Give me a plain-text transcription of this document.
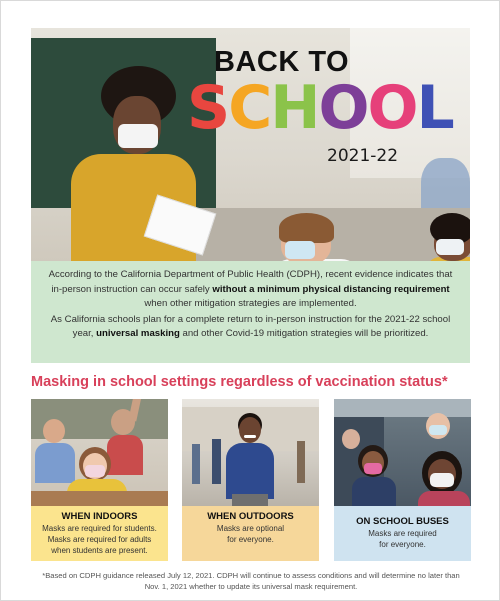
BACK TO
SCHOOL
2021-22

According to the California Department of Public Health (CDPH), recent evidence indicates that in-person instruction can occur safely without a minimum physical distancing requirement when other mitigation strategies are implemented.

As California schools plan for a complete return to in-person instruction for the 2021-22 school year, universal masking and other Covid-19 mitigation strategies will be prioritized.

Masking in school settings regardless of vaccination status*
WHEN INDOORS
Masks are required for students.
Masks are required for adults
when students are present.
WHEN OUTDOORS
Masks are optional
for everyone.
ON SCHOOL BUSES
Masks are required
for everyone.
*Based on CDPH guidance released July 12, 2021. CDPH will continue to assess conditions and will determine no later than Nov. 1, 2021 whether to update its universal mask requirement.
